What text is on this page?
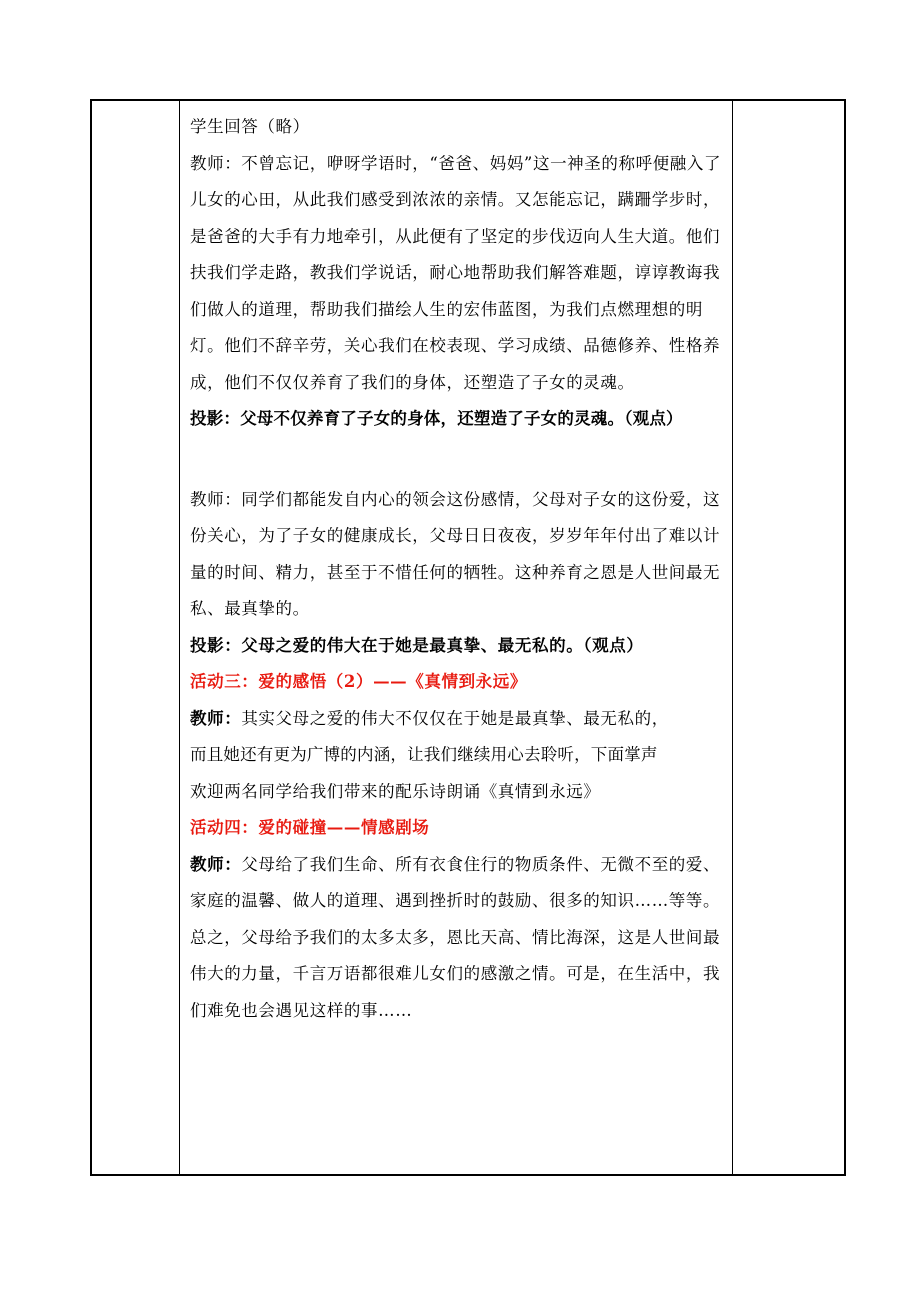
学生回答（略）

教师：不曾忘记，咿呀学语时，“爸爸、妈妈”这一神圣的称呼便融入了儿女的心田，从此我们感受到浓浓的亲情。又怎能忘记，蹒跚学步时，是爸爸的大手有力地牵引，从此便有了坚定的步伐迈向人生大道。他们扶我们学走路，教我们学说话，耐心地帮助我们解答难题，谆谆教诲我们做人的道理，帮助我们描绘人生的宏伟蓝图，为我们点燃理想的明灯。他们不辞辛劳，关心我们在校表现、学习成绩、品德修养、性格养成，他们不仅仅养育了我们的身体，还塑造了子女的灵魂。

投影：父母不仅养育了子女的身体，还塑造了子女的灵魂。（观点）

教师：同学们都能发自内心的领会这份感情，父母对子女的这份爱，这份关心，为了子女的健康成长，父母日日夜夜，岁岁年年付出了难以计量的时间、精力，甚至于不惜任何的牺牲。这种养育之恩是人世间最无私、最真挚的。

投影：父母之爱的伟大在于她是最真挚、最无私的。（观点）

活动三：爱的感悟（2）——《真情到永远》

教师：其实父母之爱的伟大不仅仅在于她是最真挚、最无私的，

而且她还有更为广博的内涵，让我们继续用心去聆听，下面掌声

欢迎两名同学给我们带来的配乐诗朗诵《真情到永远》

活动四：爱的碰撞——情感剧场

教师：父母给了我们生命、所有衣食住行的物质条件、无微不至的爱、家庭的温馨、做人的道理、遇到挫折时的鼓励、很多的知识……等等。总之，父母给予我们的太多太多，恩比天高、情比海深，这是人世间最伟大的力量，千言万语都很难儿女们的感激之情。可是，在生活中，我们难免也会遇见这样的事……
